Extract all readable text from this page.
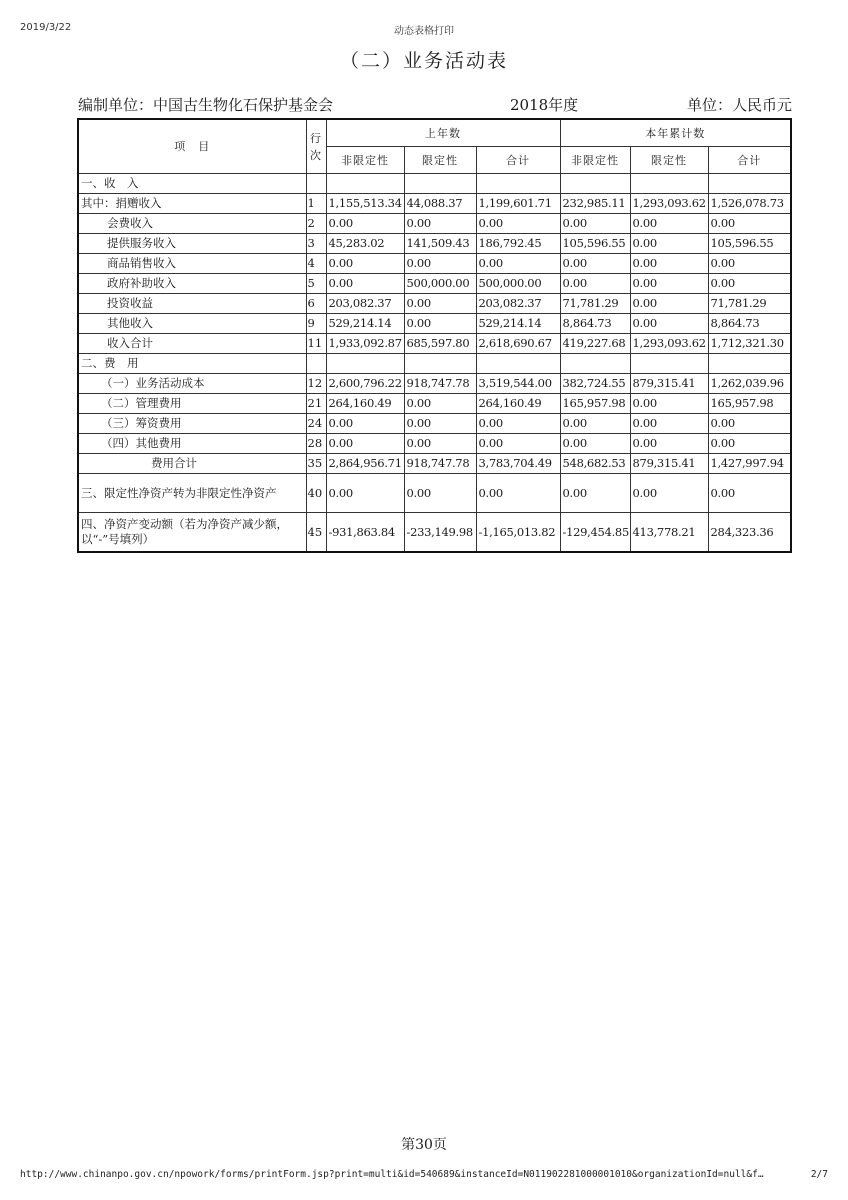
2019/3/22	动态表格打印
（二）业务活动表
编制单位：中国古生物化石保护基金会	2018年度	单位：人民币元
项　目	行次	上年数			本年累计数		
		非限定性	限定性	合计	非限定性	限定性	合计
一、收　入							
其中：捐赠收入	1	1,155,513.34	44,088.37	1,199,601.71	232,985.11	1,293,093.62	1,526,078.73
会费收入	2	0.00	0.00	0.00	0.00	0.00	0.00
提供服务收入	3	45,283.02	141,509.43	186,792.45	105,596.55	0.00	105,596.55
商品销售收入	4	0.00	0.00	0.00	0.00	0.00	0.00
政府补助收入	5	0.00	500,000.00	500,000.00	0.00	0.00	0.00
投资收益	6	203,082.37	0.00	203,082.37	71,781.29	0.00	71,781.29
其他收入	9	529,214.14	0.00	529,214.14	8,864.73	0.00	8,864.73
收入合计	11	1,933,092.87	685,597.80	2,618,690.67	419,227.68	1,293,093.62	1,712,321.30
二、费　用							
（一）业务活动成本	12	2,600,796.22	918,747.78	3,519,544.00	382,724.55	879,315.41	1,262,039.96
（二）管理费用	21	264,160.49	0.00	264,160.49	165,957.98	0.00	165,957.98
（三）筹资费用	24	0.00	0.00	0.00	0.00	0.00	0.00
（四）其他费用	28	0.00	0.00	0.00	0.00	0.00	0.00
费用合计	35	2,864,956.71	918,747.78	3,783,704.49	548,682.53	879,315.41	1,427,997.94
三、限定性净资产转为非限定性净资产	40	0.00	0.00	0.00	0.00	0.00	0.00
四、净资产变动额（若为净资产减少额，以“-”号填列）	45	-931,863.84	-233,149.98	-1,165,013.82	-129,454.85	413,778.21	284,323.36
第30页
http://www.chinanpo.gov.cn/npowork/forms/printForm.jsp?print=multi&id=540689&instanceId=N011902281000001010&organizationId=null&f…	2/7
